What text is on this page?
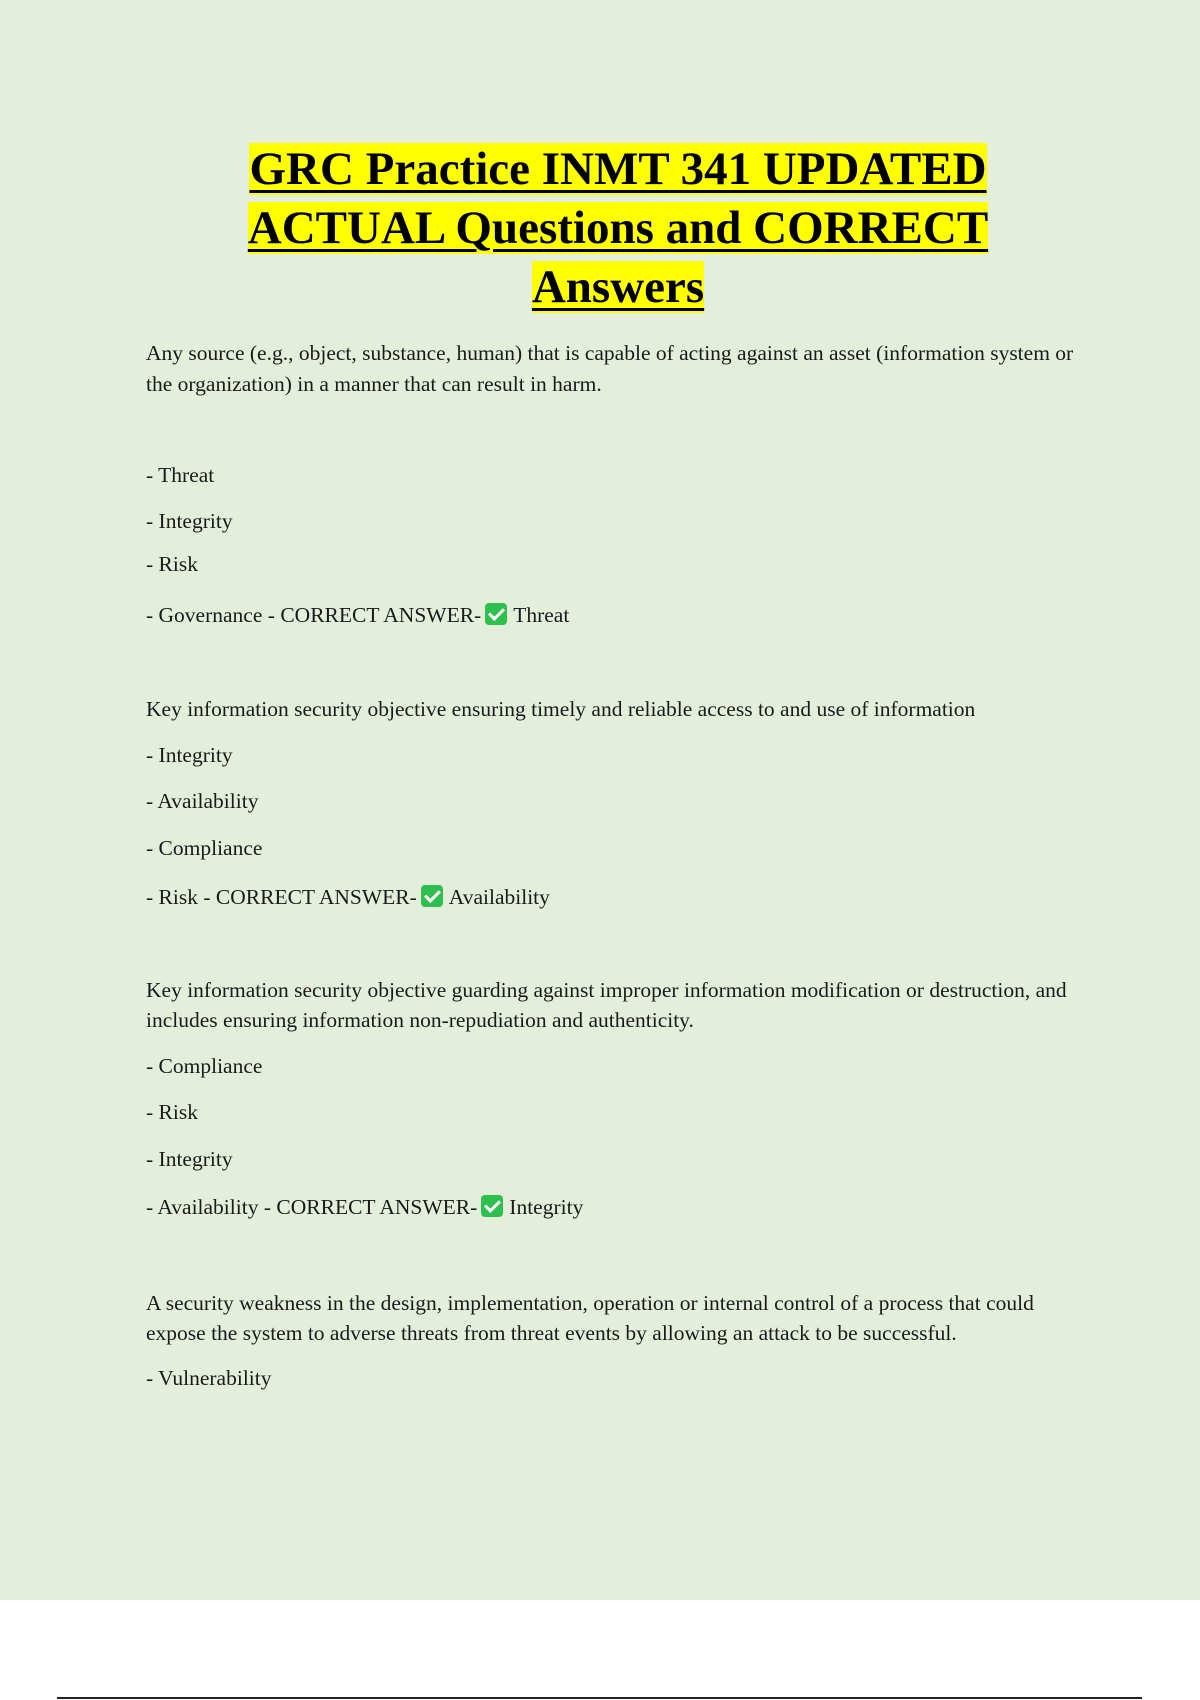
GRC Practice INMT 341 UPDATED
ACTUAL Questions and CORRECT
Answers

Any source (e.g., object, substance, human) that is capable of acting against an asset (information system or the organization) in a manner that can result in harm.

- Threat

- Integrity

- Risk

- Governance - CORRECT ANSWER- Threat

Key information security objective ensuring timely and reliable access to and use of information

- Integrity

- Availability

- Compliance

- Risk - CORRECT ANSWER- Availability

Key information security objective guarding against improper information modification or destruction, and includes ensuring information non-repudiation and authenticity.

- Compliance

- Risk

- Integrity

- Availability - CORRECT ANSWER- Integrity

A security weakness in the design, implementation, operation or internal control of a process that could expose the system to adverse threats from threat events by allowing an attack to be successful.

- Vulnerability
